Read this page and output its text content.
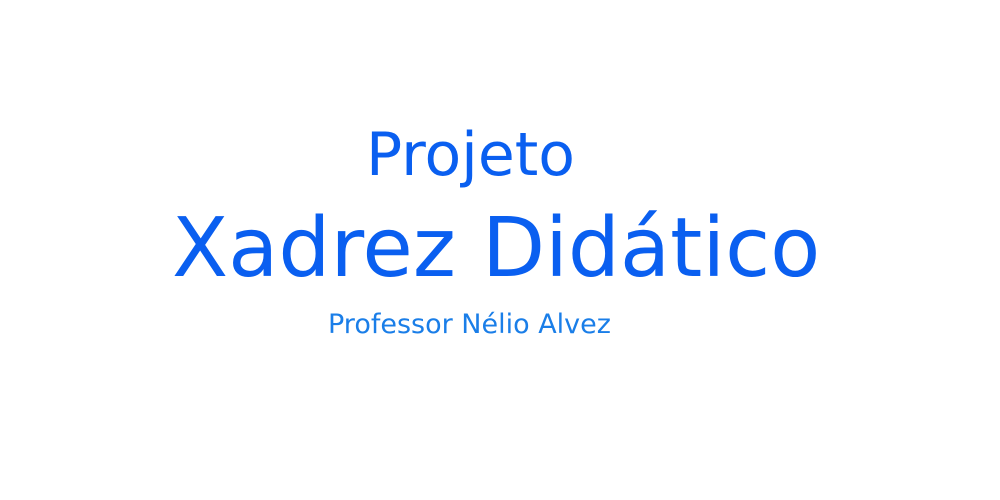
Projeto
Xadrez Didático

Professor Nélio Alvez
